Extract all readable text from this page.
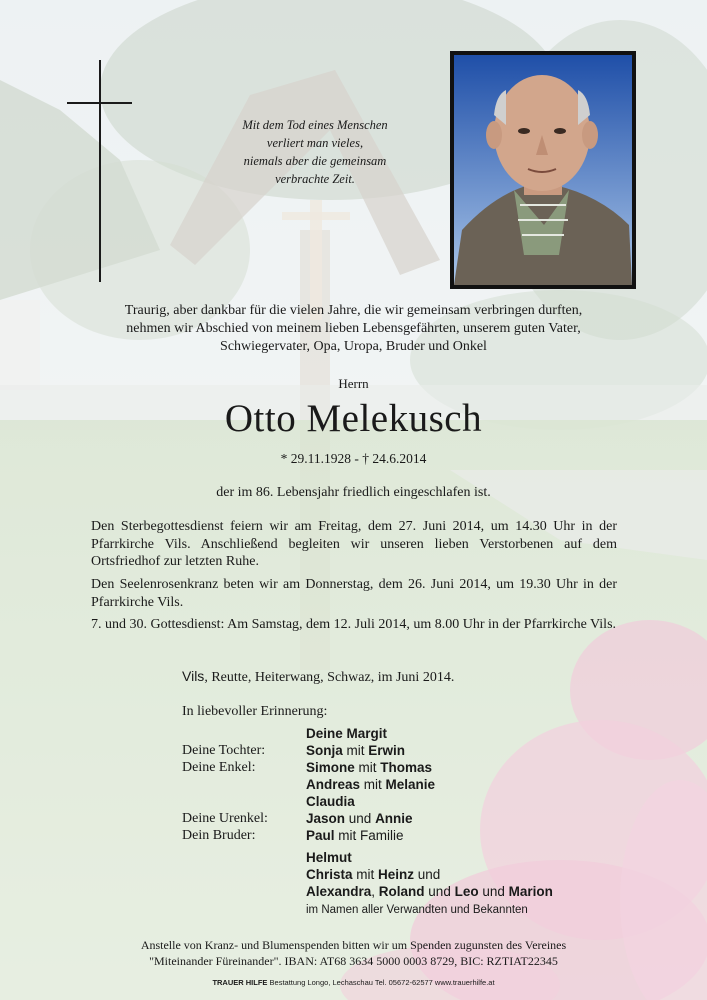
Mit dem Tod eines Menschen
verliert man vieles,
niemals aber die gemeinsam
verbrachte Zeit.
Traurig, aber dankbar für die vielen Jahre, die wir gemeinsam verbringen durften,
nehmen wir Abschied von meinem lieben Lebensgefährten, unserem guten Vater,
Schwiegervater, Opa, Uropa, Bruder und Onkel
Herrn
Otto Melekusch
* 29.11.1928 - † 24.6.2014
der im 86. Lebensjahr friedlich eingeschlafen ist.
Den Sterbegottesdienst feiern wir am Freitag, dem 27. Juni 2014, um 14.30 Uhr in der Pfarrkirche Vils. Anschließend begleiten wir unseren lieben Verstorbenen auf dem Ortsfriedhof zur letzten Ruhe.
Den Seelenrosenkranz beten wir am Donnerstag, dem 26. Juni 2014, um 19.30 Uhr in der Pfarrkirche Vils.
7. und 30. Gottesdienst: Am Samstag, dem 12. Juli 2014, um 8.00 Uhr in der Pfarrkirche Vils.
Vils, Reutte, Heiterwang, Schwaz, im Juni 2014.
In liebevoller Erinnerung:
Deine Margit
Deine Tochter:	Sonja mit Erwin
Deine Enkel:	Simone mit Thomas
Andreas mit Melanie
Claudia
Deine Urenkel:	Jason und Annie
Dein Bruder:	Paul mit Familie
Helmut
Christa mit Heinz und
Alexandra, Roland und Leo und Marion
im Namen aller Verwandten und Bekannten
Anstelle von Kranz- und Blumenspenden bitten wir um Spenden zugunsten des Vereines
"Miteinander Füreinander". IBAN: AT68 3634 5000 0003 8729, BIC: RZTIAT22345
TRAUER HILFE Bestattung Longo, Lechaschau Tel. 05672-62577 www.trauerhilfe.at
